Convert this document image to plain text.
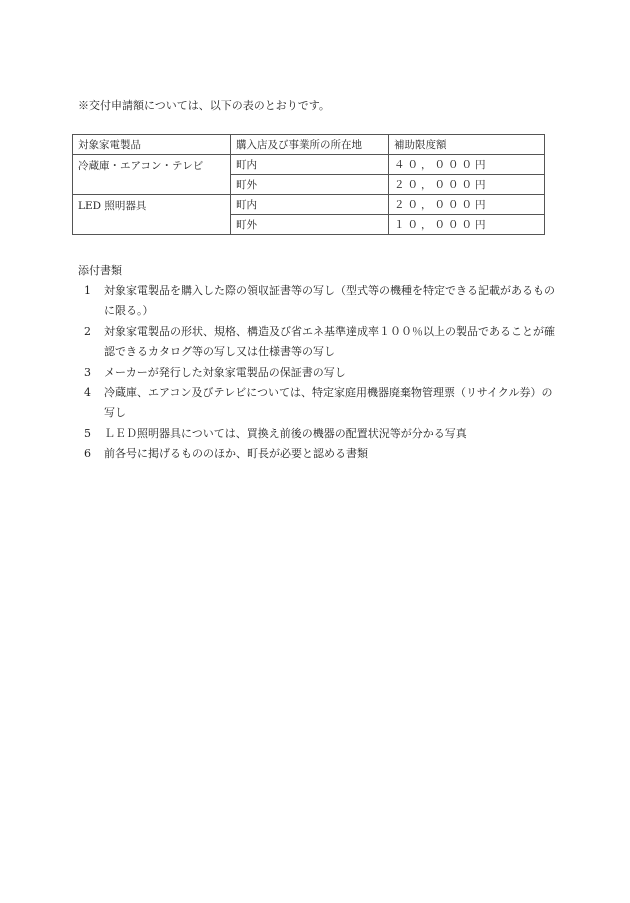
※交付申請額については、以下の表のとおりです。
対象家電製品	購入店及び事業所の所在地	補助限度額
冷蔵庫・エアコン・テレビ	町内	４０，０００円
	町外	２０，０００円
LED 照明器具	町内	２０，０００円
	町外	１０，０００円
添付書類
1	対象家電製品を購入した際の領収証書等の写し（型式等の機種を特定できる記載があるものに限る。）
2	対象家電製品の形状、規格、構造及び省エネ基準達成率１００％以上の製品であることが確認できるカタログ等の写し又は仕様書等の写し
3	メーカーが発行した対象家電製品の保証書の写し
4	冷蔵庫、エアコン及びテレビについては、特定家庭用機器廃棄物管理票（リサイクル券）の写し
5	ＬＥＤ照明器具については、買換え前後の機器の配置状況等が分かる写真
6	前各号に掲げるもののほか、町長が必要と認める書類
